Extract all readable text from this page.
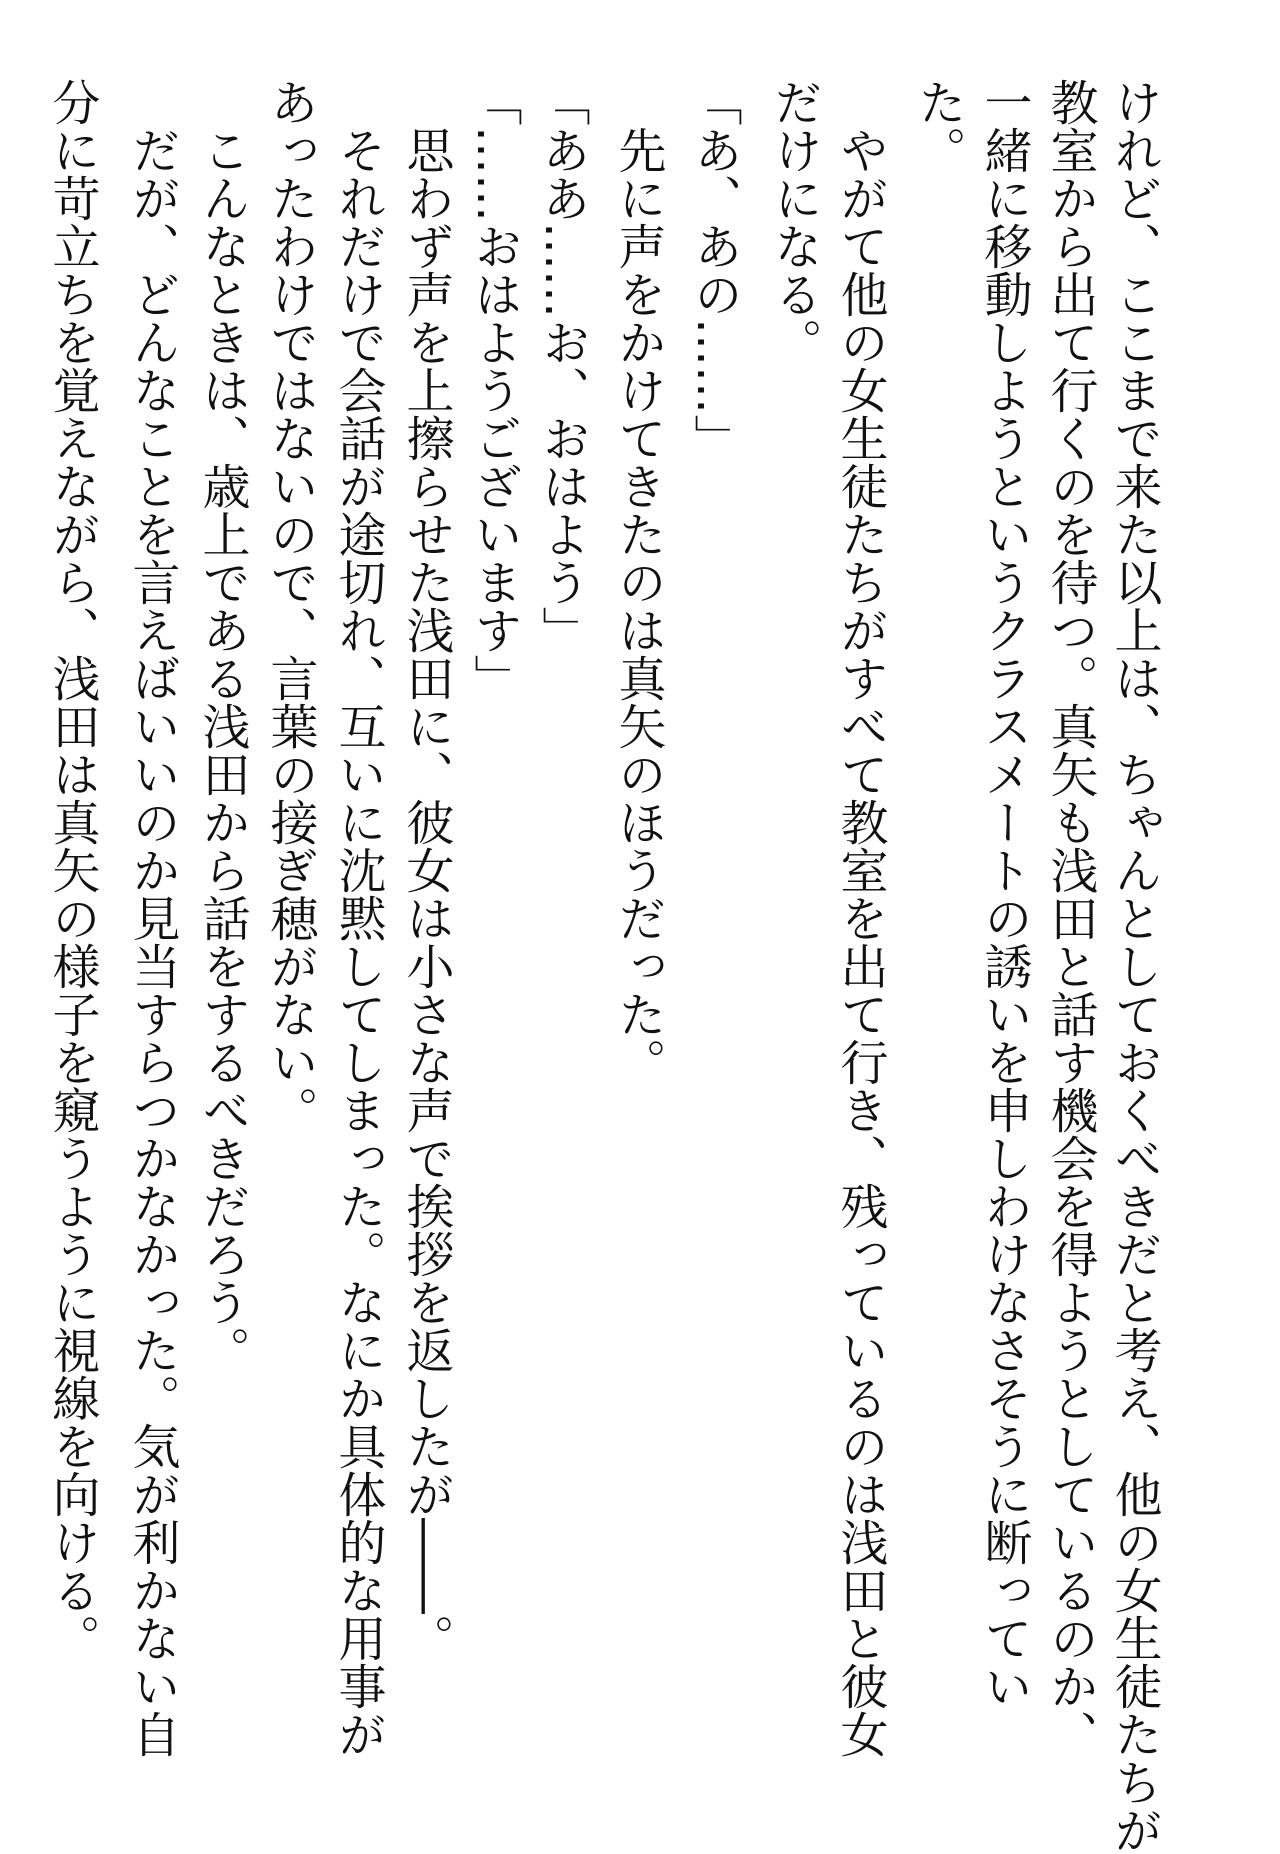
けれど、ここまで来た以上は、ちゃんとしておくべきだと考え、他の女生徒たちが
教室から出て行くのを待つ。真矢も浅田と話す機会を得ようとしているのか、
一緒に移動しようというクラスメートの誘いを申しわけなさそうに断ってい
た。
　やがて他の女生徒たちがすべて教室を出て行き、残っているのは浅田と彼女
だけになる。
「あ、あの……」
　先に声をかけてきたのは真矢のほうだった。
「ああ……お、おはよう」
「……おはようございます」
　思わず声を上擦らせた浅田に、彼女は小さな声で挨拶を返したが――。
　それだけで会話が途切れ、互いに沈黙してしまった。なにか具体的な用事が
あったわけではないので、言葉の接ぎ穂がない。
　こんなときは、歳上である浅田から話をするべきだろう。
　だが、どんなことを言えばいいのか見当すらつかなかった。気が利かない自
分に苛立ちを覚えながら、浅田は真矢の様子を窺うように視線を向ける。
